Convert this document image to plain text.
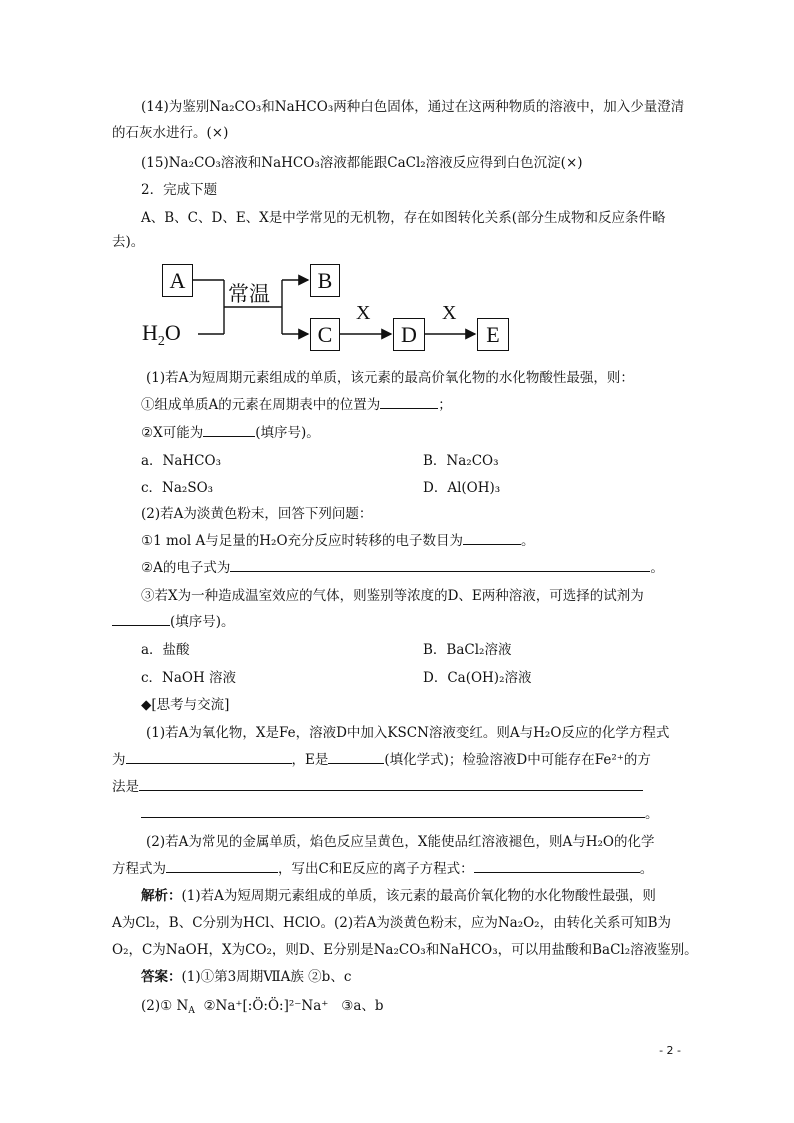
(14)为鉴别Na₂CO₃和NaHCO₃两种白色固体，通过在这两种物质的溶液中，加入少量澄清
的石灰水进行。(×)
(15)Na₂CO₃溶液和NaHCO₃溶液都能跟CaCl₂溶液反应得到白色沉淀(×)
2．完成下题
A、B、C、D、E、X是中学常见的无机物，存在如图转化关系(部分生成物和反应条件略
去)。
A
$H_2O$
常温
B
C
X
D
X
E
(1)若A为短周期元素组成的单质，该元素的最高价氧化物的水化物酸性最强，则：
①组成单质A的元素在周期表中的位置为	；
②X可能为	(填序号)。
a．NaHCO₃	B．Na₂CO₃
c．Na₂SO₃	D．Al(OH)₃
(2)若A为淡黄色粉末，回答下列问题：
①1 mol A与足量的H₂O充分反应时转移的电子数目为	。
②A的电子式为	。
③若X为一种造成温室效应的气体，则鉴别等浓度的D、E两种溶液，可选择的试剂为
(填序号)。
a．盐酸	B．BaCl₂溶液
c．NaOH 溶液	D．Ca(OH)₂溶液
◆[思考与交流]
(1)若A为氧化物，X是Fe，溶液D中加入KSCN溶液变红。则A与H₂O反应的化学方程式
为	，E是	(填化学式)；检验溶液D中可能存在Fe²⁺的方
法是
。
(2)若A为常见的金属单质，焰色反应呈黄色，X能使品红溶液褪色，则A与H₂O的化学
方程式为	，写出C和E反应的离子方程式：	。
解析：(1)若A为短周期元素组成的单质，该元素的最高价氧化物的水化物酸性最强，则
A为Cl₂，B、C分别为HCl、HClO。(2)若A为淡黄色粉末，应为Na₂O₂，由转化关系可知B为
O₂，C为NaOH，X为CO₂，则D、E分别是Na₂CO₃和NaHCO₃，可以用盐酸和BaCl₂溶液鉴别。
答案：(1)①第3周期ⅦA族 ②b、c
(2)① $N_A$ ②Na⁺[:Ö:Ö:]²⁻Na⁺ ③a、b
- 2 -
